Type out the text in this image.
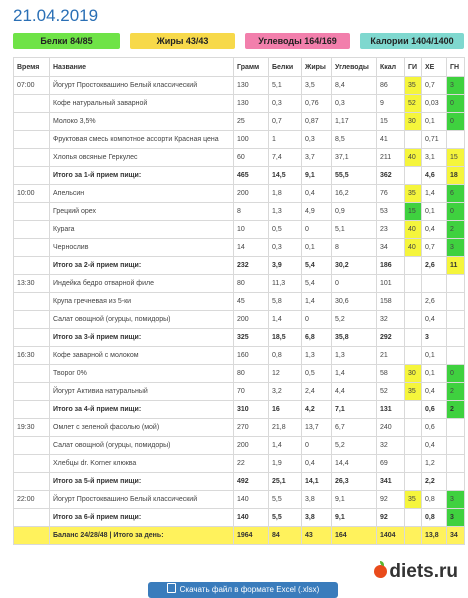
21.04.2019
Белки 84/85	Жиры 43/43	Углеводы 164/169	Калории 1404/1400
Время	Название	Грамм	Белки	Жиры	Углеводы	Ккал	ГИ	ХЕ	ГН
07:00	Йогурт Простоквашино Белый классический	130	5,1	3,5	8,4	86	35	0,7	3
	Кофе натуральный заварной	130	0,3	0,76	0,3	9	52	0,03	0
	Молоко 3,5%	25	0,7	0,87	1,17	15	30	0,1	0
	Фруктовая смесь компотное ассорти Красная цена	100	1	0,3	8,5	41		0,71	
	Хлопья овсяные Геркулес	60	7,4	3,7	37,1	211	40	3,1	15
	Итого за 1-й прием пищи:	465	14,5	9,1	55,5	362		4,6	18
10:00	Апельсин	200	1,8	0,4	16,2	76	35	1,4	6
	Грецкий орех	8	1,3	4,9	0,9	53	15	0,1	0
	Курага	10	0,5	0	5,1	23	40	0,4	2
	Чернослив	14	0,3	0,1	8	34	40	0,7	3
	Итого за 2-й прием пищи:	232	3,9	5,4	30,2	186		2,6	11
13:30	Индейка бедро отварной филе	80	11,3	5,4	0	101			
	Крупа гречневая из 5-ки	45	5,8	1,4	30,6	158		2,6	
	Салат овощной (огурцы, помидоры)	200	1,4	0	5,2	32		0,4	
	Итого за 3-й прием пищи:	325	18,5	6,8	35,8	292		3	
16:30	Кофе заварной с молоком	160	0,8	1,3	1,3	21		0,1	
	Творог 0%	80	12	0,5	1,4	58	30	0,1	0
	Йогурт Активиа натуральный	70	3,2	2,4	4,4	52	35	0,4	2
	Итого за 4-й прием пищи:	310	16	4,2	7,1	131		0,6	2
19:30	Омлет с зеленой фасолью (мой)	270	21,8	13,7	6,7	240		0,6	
	Салат овощной (огурцы, помидоры)	200	1,4	0	5,2	32		0,4	
	Хлебцы dr. Korner клюква	22	1,9	0,4	14,4	69		1,2	
	Итого за 5-й прием пищи:	492	25,1	14,1	26,3	341		2,2	
22:00	Йогурт Простоквашино Белый классический	140	5,5	3,8	9,1	92	35	0,8	3
	Итого за 6-й прием пищи:	140	5,5	3,8	9,1	92		0,8	3
	Баланс 24/28/48 | Итого за день:	1964	84	43	164	1404		13,8	34
Скачать файл в формате Excel (.xlsx)
diets.ru
